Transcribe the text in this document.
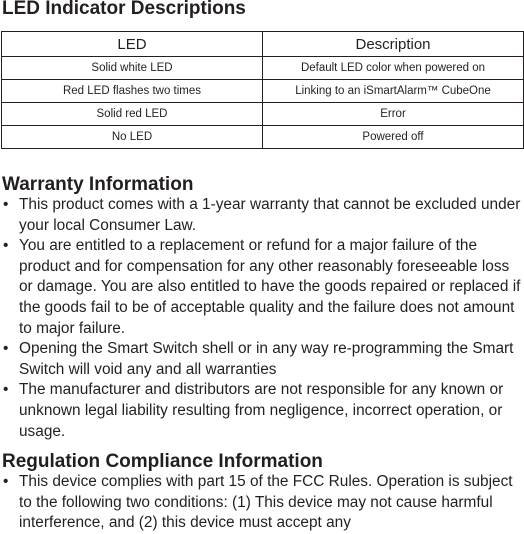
LED Indicator Descriptions
LED	Description
Solid white LED	Default LED color when powered on
Red LED flashes two times	Linking to an iSmartAlarm™ CubeOne
Solid red LED	Error
No LED	Powered off
Warranty Information
• This product comes with a 1-year warranty that cannot be excluded under your local Consumer Law.
• You are entitled to a replacement or refund for a major failure of the product and for compensation for any other reasonably foreseeable loss or damage. You are also entitled to have the goods repaired or replaced if the goods fail to be of acceptable quality and the failure does not amount to major failure.
• Opening the Smart Switch shell or in any way re-programming the Smart Switch will void any and all warranties
• The manufacturer and distributors are not responsible for any known or unknown legal liability resulting from negligence, incorrect operation, or usage.
Regulation Compliance Information
• This device complies with part 15 of the FCC Rules. Operation is subject to the following two conditions: (1) This device may not cause harmful interference, and (2) this device must accept any
